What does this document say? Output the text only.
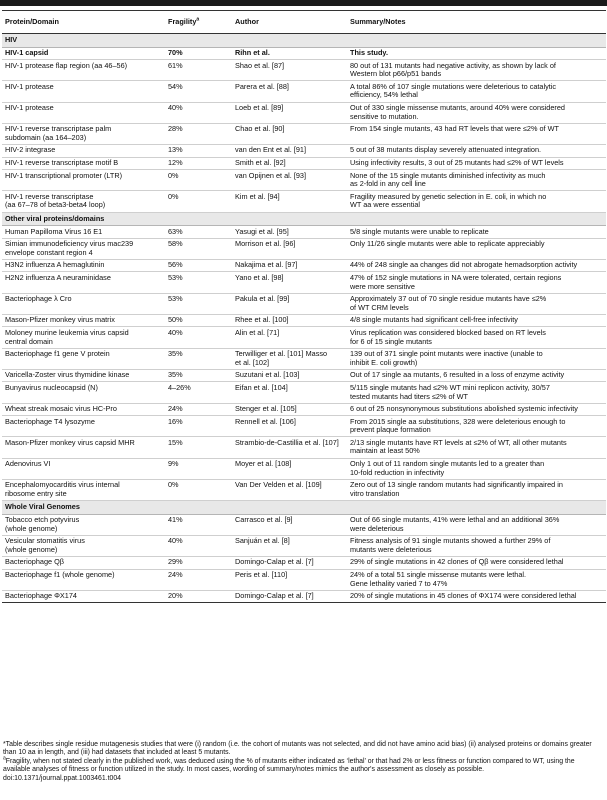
Protein/Domain	Fragility$^a$	Author	Summary/Notes
HIV			
HIV-1 capsid	70%	Rihn et al.	This study.
HIV-1 protease flap region (aa 46–56)	61%	Shao et al. [87]	80 out of 131 mutants had negative activity, as shown by lack of
Western blot p66/p51 bands
HIV-1 protease	54%	Parera et al. [88]	A total 86% of 107 single mutations were deleterious to catalytic
efficiency, 54% lethal
HIV-1 protease	40%	Loeb et al. [89]	Out of 330 single missense mutants, around 40% were considered
sensitive to mutation.
HIV-1 reverse transcriptase palm
subdomain (aa 164–203)	28%	Chao et al. [90]	From 154 single mutants, 43 had RT levels that were ≤2% of WT
HIV-2 integrase	13%	van den Ent et al. [91]	5 out of 38 mutants display severely attenuated integration.
HIV-1 reverse transcriptase motif B	12%	Smith et al. [92]	Using infectivity results, 3 out of 25 mutants had ≤2% of WT levels
HIV-1 transcriptional promoter (LTR)	0%	van Opijnen et al. [93]	None of the 15 single mutants diminished infectivity as much
as 2-fold in any cell line
HIV-1 reverse transcriptase
(aa 67–78 of beta3-beta4 loop)	0%	Kim et al. [94]	Fragility measured by genetic selection in E. coli, in which no
WT aa were essential
Other viral proteins/domains			
Human Papilloma Virus 16 E1	63%	Yasugi et al. [95]	5/8 single mutants were unable to replicate
Simian immunodeficiency virus mac239
envelope constant region 4	58%	Morrison et al. [96]	Only 11/26 single mutants were able to replicate appreciably
H3N2 influenza A hemaglutinin	56%	Nakajima et al. [97]	44% of 248 single aa changes did not abrogate hemadsorption activity
H2N2 influenza A neuraminidase	53%	Yano et al. [98]	47% of 152 single mutations in NA were tolerated, certain regions
were more sensitive
Bacteriophage λ Cro	53%	Pakula et al. [99]	Approximately 37 out of 70 single residue mutants have ≤2%
of WT CRM levels
Mason-Pfizer monkey virus matrix	50%	Rhee et al. [100]	4/8 single mutants had significant cell-free infectivity
Moloney murine leukemia virus capsid
central domain	40%	Alin et al. [71]	Virus replication was considered blocked based on RT levels
for 6 of 15 single mutants
Bacteriophage f1 gene V protein	35%	Terwilliger et al. [101] Masso
et al. [102]	139 out of 371 single point mutants were inactive (unable to
inhibit E. coli growth)
Varicella-Zoster virus thymidine kinase	35%	Suzutani et al. [103]	Out of 17 single aa mutants, 6 resulted in a loss of enzyme activity
Bunyavirus nucleocapsid (N)	4–26%	Eifan et al. [104]	5/115 single mutants had ≤2% WT mini replicon activity, 30/57
tested mutants had titers ≤2% of WT
Wheat streak mosaic virus HC-Pro	24%	Stenger et al. [105]	6 out of 25 nonsynonymous substitutions abolished systemic infectivity
Bacteriophage T4 lysozyme	16%	Rennell et al. [106]	From 2015 single aa substitutions, 328 were deleterious enough to
prevent plaque formation
Mason-Pfizer monkey virus capsid MHR	15%	Strambio-de-Castillia et al. [107]	2/13 single mutants have RT levels at ≤2% of WT, all other mutants
maintain at least 50%
Adenovirus VI	9%	Moyer et al. [108]	Only 1 out of 11 random single mutants led to a greater than
10-fold reduction in infectivity
Encephalomyocarditis virus internal
ribosome entry site	0%	Van Der Velden et al. [109]	Zero out of 13 single random mutants had significantly impaired in
vitro translation
Whole Viral Genomes			
Tobacco etch potyvirus
(whole genome)	41%	Carrasco et al. [9]	Out of 66 single mutants, 41% were lethal and an additional 36%
were deleterious
Vesicular stomatitis virus
(whole genome)	40%	Sanjuán et al. [8]	Fitness analysis of 91 single mutants showed a further 29% of
mutants were deleterious
Bacteriophage Qβ	29%	Domingo-Calap et al. [7]	29% of single mutations in 42 clones of Qβ were considered lethal
Bacteriophage f1 (whole genome)	24%	Peris et al. [110]	24% of a total 51 single missense mutants were lethal.
Gene lethality varied 7 to 47%
Bacteriophage ΦX174	20%	Domingo-Calap et al. [7]	20% of single mutations in 45 clones of ΦX174 were considered lethal

*Table describes single residue mutagenesis studies that were (i) random (i.e. the cohort of mutants was not selected, and did not have amino acid bias) (ii) analysed proteins or domains greater than 10 aa in length, and (iii) had datasets that included at least 5 mutants.

$^a$Fragility, when not stated clearly in the published work, was deduced using the % of mutants either indicated as ‘lethal’ or that had 2% or less fitness or function compared to WT, using the available analyses of fitness or function utilized in the study. In most cases, wording of summary/notes mimics the author's assessment as closely as possible.

doi:10.1371/journal.ppat.1003461.t004
